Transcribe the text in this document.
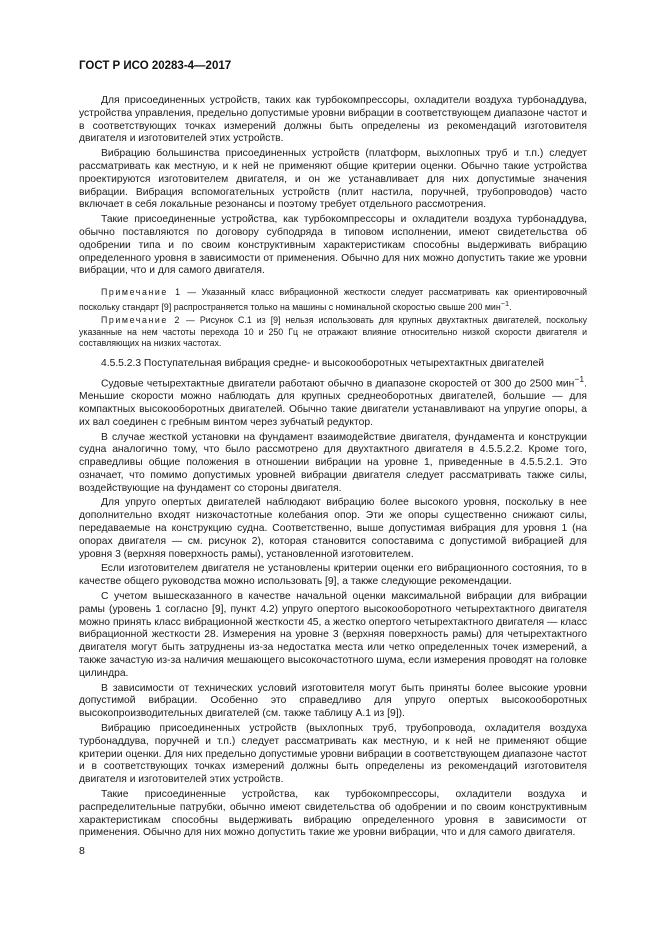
ГОСТ Р ИСО 20283-4—2017

Для присоединенных устройств, таких как турбокомпрессоры, охладители воздуха турбонаддува, устройства управления, предельно допустимые уровни вибрации в соответствующем диапазоне частот и в соответствующих точках измерений должны быть определены из рекомендаций изготовителя двигателя и изготовителей этих устройств.

Вибрацию большинства присоединенных устройств (платформ, выхлопных труб и т.п.) следует рассматривать как местную, и к ней не применяют общие критерии оценки. Обычно такие устройства проектируются изготовителем двигателя, и он же устанавливает для них допустимые значения вибрации. Вибрация вспомогательных устройств (плит настила, поручней, трубопроводов) часто включает в себя локальные резонансы и поэтому требует отдельного рассмотрения.

Такие присоединенные устройства, как турбокомпрессоры и охладители воздуха турбонаддува, обычно поставляются по договору субподряда в типовом исполнении, имеют свидетельства об одобрении типа и по своим конструктивным характеристикам способны выдерживать вибрацию определенного уровня в зависимости от применения. Обычно для них можно допустить такие же уровни вибрации, что и для самого двигателя.

Примечание 1 — Указанный класс вибрационной жесткости следует рассматривать как ориентировочный поскольку стандарт [9] распространяется только на машины с номинальной скоростью свыше 200 мин$^{-1}$.

Примечание 2 — Рисунок С.1 из [9] нельзя использовать для крупных двухтактных двигателей, поскольку указанные на нем частоты перехода 10 и 250 Гц не отражают влияние относительно низкой скорости двигателя и составляющих на низких частотах.

4.5.5.2.3 Поступательная вибрация средне- и высокооборотных четырехтактных двигателей

Судовые четырехтактные двигатели работают обычно в диапазоне скоростей от 300 до 2500 мин$^{-1}$. Меньшие скорости можно наблюдать для крупных среднеоборотных двигателей, большие — для компактных высокооборотных двигателей. Обычно такие двигатели устанавливают на упругие опоры, а их вал соединен с гребным винтом через зубчатый редуктор.

В случае жесткой установки на фундамент взаимодействие двигателя, фундамента и конструкции судна аналогично тому, что было рассмотрено для двухтактного двигателя в 4.5.5.2.2. Кроме того, справедливы общие положения в отношении вибрации на уровне 1, приведенные в 4.5.5.2.1. Это означает, что помимо допустимых уровней вибрации двигателя следует рассматривать также силы, воздействующие на фундамент со стороны двигателя.

Для упруго опертых двигателей наблюдают вибрацию более высокого уровня, поскольку в нее дополнительно входят низкочастотные колебания опор. Эти же опоры существенно снижают силы, передаваемые на конструкцию судна. Соответственно, выше допустимая вибрация для уровня 1 (на опорах двигателя — см. рисунок 2), которая становится сопоставима с допустимой вибрацией для уровня 3 (верхняя поверхность рамы), установленной изготовителем.

Если изготовителем двигателя не установлены критерии оценки его вибрационного состояния, то в качестве общего руководства можно использовать [9], а также следующие рекомендации.

С учетом вышесказанного в качестве начальной оценки максимальной вибрации для вибрации рамы (уровень 1 согласно [9], пункт 4.2) упруго опертого высокооборотного четырехтактного двигателя можно принять класс вибрационной жесткости 45, а жестко опертого четырехтактного двигателя — класс вибрационной жесткости 28. Измерения на уровне 3 (верхняя поверхность рамы) для четырехтактного двигателя могут быть затруднены из-за недостатка места или четко определенных точек измерений, а также зачастую из-за наличия мешающего высокочастотного шума, если измерения проводят на головке цилиндра.

В зависимости от технических условий изготовителя могут быть приняты более высокие уровни допустимой вибрации. Особенно это справедливо для упруго опертых высокооборотных высокопроизводительных двигателей (см. также таблицу А.1 из [9]).

Вибрацию присоединенных устройств (выхлопных труб, трубопровода, охладителя воздуха турбонаддува, поручней и т.п.) следует рассматривать как местную, и к ней не применяют общие критерии оценки. Для них предельно допустимые уровни вибрации в соответствующем диапазоне частот и в соответствующих точках измерений должны быть определены из рекомендаций изготовителя двигателя и изготовителей этих устройств.

Такие присоединенные устройства, как турбокомпрессоры, охладители воздуха и распределительные патрубки, обычно имеют свидетельства об одобрении и по своим конструктивным характеристикам способны выдерживать вибрацию определенного уровня в зависимости от применения. Обычно для них можно допустить такие же уровни вибрации, что и для самого двигателя.

8
